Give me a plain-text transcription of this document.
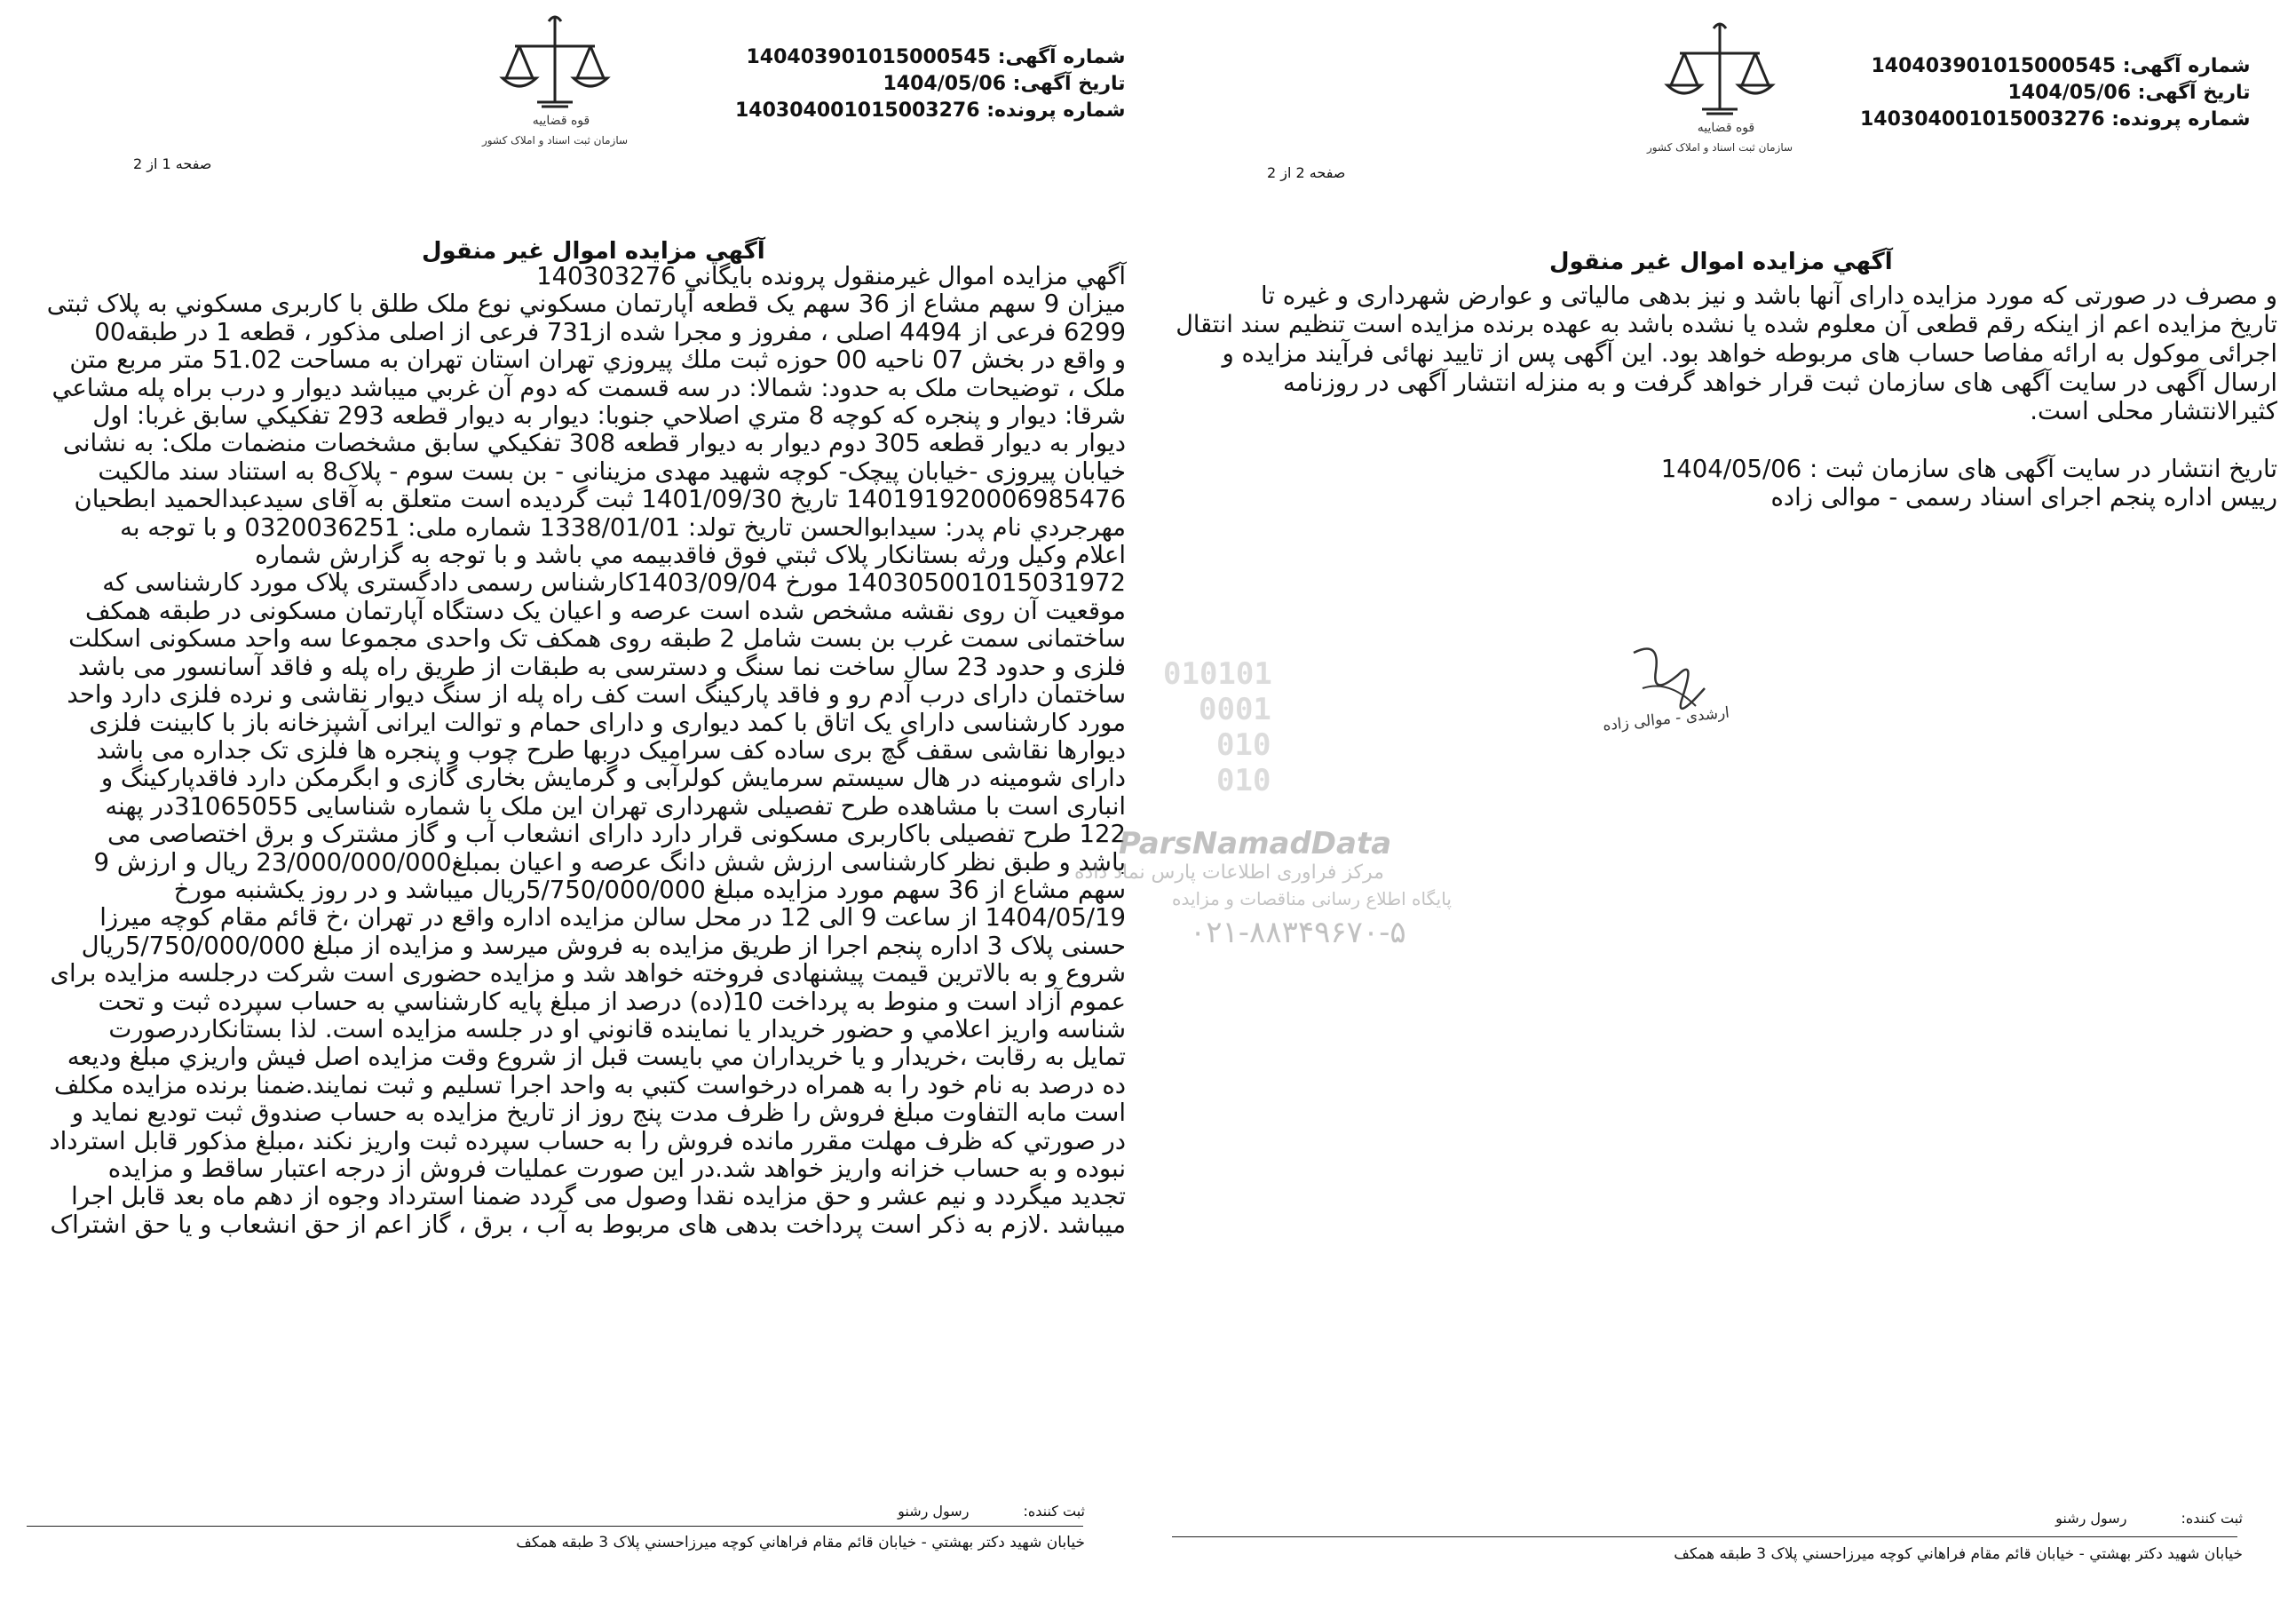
قوه قضاییه
سازمان ثبت اسناد و املاک کشور
شماره آگهی: 140403901015000545
تاریخ آگهی: 1404/05/06
شماره پرونده: 140304001015003276
صفحه 1 از 2
آگهي مزایده اموال غیر منقول
آگهي مزايده اموال غيرمنقول پرونده بايگاني 140303276
ميزان 9 سهم مشاع از 36 سهم يک قطعه آپارتمان مسکوني نوع ملک طلق با کاربری مسکوني به پلاک ثبتی
6299 فرعی از 4494 اصلی ، مفروز و مجرا شده از731 فرعی از اصلی مذکور ، قطعه 1 در طبقه00
و واقع در بخش 07 ناحيه 00 حوزه ثبت ملك پيروزي تهران استان تهران به مساحت 51.02 متر مربع متن
ملک ، توضیحات ملک به حدود: شمالا: در سه قسمت که دوم آن غربي ميباشد ديوار و درب براه پله مشاعي
شرقا: ديوار و پنجره که کوچه 8 متري اصلاحي جنوبا: ديوار به ديوار قطعه 293 تفکيکي سابق غربا: اول
ديوار به ديوار قطعه 305 دوم ديوار به ديوار قطعه 308 تفکيکي سابق مشخصات منضمات ملک: به نشانی
خيابان پيروزی -خيابان پيچک- کوچه شهيد مهدی مزينانی - بن بست سوم - پلاک8 به استناد سند مالکيت
14019192000698547​6 تاريخ 1401/09/30 ثبت گرديده است متعلق به آقای سيدعبدالحميد ابطحيان
مهرجردي نام پدر: سيدابوالحسن تاريخ تولد: 1338/01/01 شماره ملی: 0320036251 و با توجه به
اعلام وکيل ورثه بستانکار پلاک ثبتي فوق فاقدبيمه مي باشد و با توجه به گزارش شماره
140305001015031972 مورخ 1403/09/04کارشناس رسمی دادگستری پلاک مورد کارشناسی که
موقعيت آن روی نقشه مشخص شده است عرصه و اعيان يک دستگاه آپارتمان مسکونی در طبقه همکف
ساختمانی سمت غرب بن بست شامل 2 طبقه روی همکف تک واحدی مجموعا سه واحد مسکونی اسکلت
فلزی و حدود 23 سال ساخت نما سنگ و دسترسی به طبقات از طريق راه پله و فاقد آسانسور می باشد
ساختمان دارای درب آدم رو و فاقد پارکينگ است کف راه پله از سنگ ديوار نقاشی و نرده فلزی دارد واحد
مورد کارشناسی دارای يک اتاق با کمد ديواری و دارای حمام و توالت ايرانی آشپزخانه باز با کابينت فلزی
ديوارها نقاشی سقف گچ بری ساده کف سراميک دربها طرح چوب و پنجره ها فلزی تک جداره می باشد
دارای شومينه در هال سيستم سرمايش کولرآبی و گرمايش بخاری گازی و ابگرمکن دارد فاقدپارکينگ و
انباری است با مشاهده طرح تفصيلی شهرداری تهران اين ملک با شماره شناسايی 31065055در پهنه
122 طرح تفصيلی باکاربری مسکونی قرار دارد دارای انشعاب آب و گاز مشترک و برق اختصاصی می
باشد و طبق نظر کارشناسی ارزش شش دانگ عرصه و اعيان بمبلغ23/000/000/000 ريال و ارزش 9
سهم مشاع از 36 سهم مورد مزايده مبلغ 5/750/000/000ريال ميباشد و در روز يکشنبه مورخ
1404/05/19 از ساعت 9 الی 12 در محل سالن مزايده اداره واقع در تهران ،خ قائم مقام کوچه ميرزا
حسنی پلاک 3 اداره پنجم اجرا از طريق مزايده به فروش ميرسد و مزايده از مبلغ 5/750/000/000ريال
شروع و به بالاترين قيمت پيشنهادی فروخته خواهد شد و مزايده حضوری است شرکت درجلسه مزايده برای
عموم آزاد است و منوط به پرداخت 10(ده) درصد از مبلغ پايه کارشناسي به حساب سپرده ثبت و تحت
شناسه واريز اعلامي و حضور خريدار يا نماينده قانوني او در جلسه مزايده است. لذا بستانكاردرصورت
تمايل به رقابت ،خريدار و يا خريداران مي بايست قبل از شروع وقت مزايده اصل فيش واريزي مبلغ وديعه
ده درصد به نام خود را به همراه درخواست کتبي به واحد اجرا تسليم و ثبت نمايند.ضمنا برنده مزايده مکلف
است مابه التفاوت مبلغ فروش را ظرف مدت پنج روز از تاريخ مزايده به حساب صندوق ثبت توديع نمايد و
در صورتي که ظرف مهلت مقرر مانده فروش را به حساب سپرده ثبت واريز نکند ،مبلغ مذکور قابل استرداد
نبوده و به حساب خزانه واريز خواهد شد.در اين صورت عمليات فروش از درجه اعتبار ساقط و مزايده
تجديد ميگردد و نيم عشر و حق مزايده نقدا وصول می گردد ضمنا استرداد وجوه از دهم ماه بعد قابل اجرا
ميباشد .لازم به ذکر است پرداخت بدهی های مربوط به آب ، برق ، گاز اعم از حق انشعاب و يا حق اشتراک
ثبت کننده:            رسول رشنو
خيابان شهيد دکتر بهشتي - خيابان قائم مقام فراهاني کوچه ميرزاحسني پلاک 3 طبقه همکف
قوه قضاییه
سازمان ثبت اسناد و املاک کشور
شماره آگهی: 140403901015000545
تاریخ آگهی: 1404/05/06
شماره پرونده: 140304001015003276
صفحه 2 از 2
آگهي مزایده اموال غیر منقول
و مصرف در صورتی که مورد مزايده دارای آنها باشد و نيز بدهی مالياتی و عوارض شهرداری و غيره تا
تاريخ مزايده اعم از اينکه رقم قطعی آن معلوم شده يا نشده باشد به عهده برنده مزايده است تنظيم سند انتقال
اجرائی موکول به ارائه مفاصا حساب های مربوطه خواهد بود. اين آگهی پس از تاييد نهائی فرآيند مزايده و
ارسال آگهی در سايت آگهی های سازمان ثبت قرار خواهد گرفت و به منزله انتشار آگهی در روزنامه
کثيرالانتشار محلی است.
تاريخ انتشار در سايت آگهی های سازمان ثبت : 1404/05/06
رييس اداره پنجم اجرای اسناد رسمی - موالی زاده
ثبت کننده:            رسول رشنو
خيابان شهيد دکتر بهشتي - خيابان قائم مقام فراهاني کوچه ميرزاحسني پلاک 3 طبقه همکف
ارشدی - موالی زاده
010101
0001
010
010
ParsNamadData
مرکز فراوری اطلاعات پارس نماد داده
پایگاه اطلاع رسانی مناقصات و مزایده
۰۲۱-۸۸۳۴۹۶۷۰-۵
